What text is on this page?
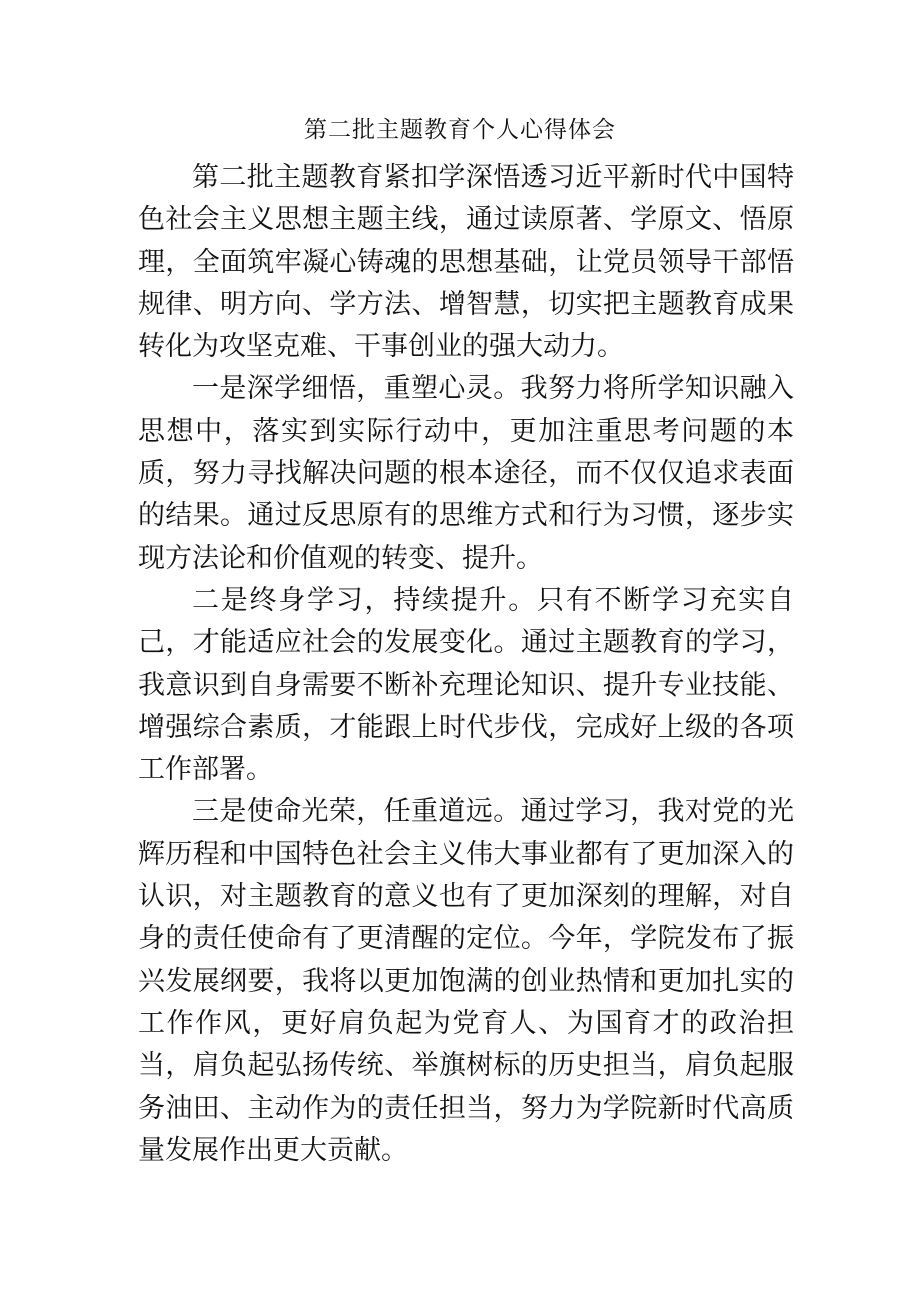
第二批主题教育个人心得体会

第二批主题教育紧扣学深悟透习近平新时代中国特色社会主义思想主题主线，通过读原著、学原文、悟原理，全面筑牢凝心铸魂的思想基础，让党员领导干部悟规律、明方向、学方法、增智慧，切实把主题教育成果转化为攻坚克难、干事创业的强大动力。

一是深学细悟，重塑心灵。我努力将所学知识融入思想中，落实到实际行动中，更加注重思考问题的本质，努力寻找解决问题的根本途径，而不仅仅追求表面的结果。通过反思原有的思维方式和行为习惯，逐步实现方法论和价值观的转变、提升。

二是终身学习，持续提升。只有不断学习充实自己，才能适应社会的发展变化。通过主题教育的学习，我意识到自身需要不断补充理论知识、提升专业技能、增强综合素质，才能跟上时代步伐，完成好上级的各项工作部署。

三是使命光荣，任重道远。通过学习，我对党的光辉历程和中国特色社会主义伟大事业都有了更加深入的认识，对主题教育的意义也有了更加深刻的理解，对自身的责任使命有了更清醒的定位。今年，学院发布了振兴发展纲要，我将以更加饱满的创业热情和更加扎实的工作作风，更好肩负起为党育人、为国育才的政治担当，肩负起弘扬传统、举旗树标的历史担当，肩负起服务油田、主动作为的责任担当，努力为学院新时代高质量发展作出更大贡献。
